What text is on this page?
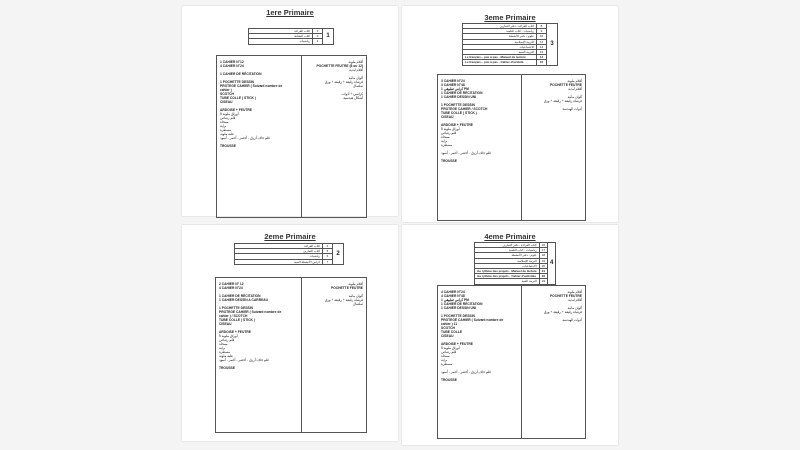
1ere Primaire
كتاب القراءة	1	1
كتاب النشاط	2	
رياضيات	3	
1 CAHIER N°12
4 CAHIER N°24
1 CAHIER DE RÉCITATION
1 POCHETTE DESSIN
PROTEGE CAHIER ( Suivant nombre de
cahier )
SCOTCH
TUBE COLLE ( STICK )
CISEAU
ARDOISE + FEUTRE
5 أوراق ملونة
قلم رصاص
ممحاة
براية
مسطرة
علبة ملونة
قلم جاف أزرق - أخضر - أحمر - أسود
TROUSSE
أقلام ملونة
POCHETTE FEUTRE (8 ou 12)
أقلام لبدية
ألوان مائية
فرشاة رقيقة + رقيقة + ورق
صلصال
كراسي + أدوات
أشكال هندسية
3eme Primaire
كتاب القراءة - دفتر التمارين	8	3
رياضيات - كتاب التلميذ	9	
علوم - دفتر الأنشطة	10	
التربية الإسلامية	11	
الاجتماعيات	12	
التربية الفنية	13	
Le français... pas à pas - Manuel de lecture	14	
Le français... pas à pas - Cahier d'activité	15	
3 CAHIER N°24
3 CAHIER N°48
1 كراس تطبيقي PM
1 CAHIER DE RÉCITATION
1 CAHIER DESSIN UNI
1 POCHETTE DESSIN
PROTEGE CAHIER / SCOTCH
TUBE COLLE ( STICK )
CISEAU
ARDOISE + FEUTRE
5 أوراق ملونة
قلم رصاص
ممحاة
براية
مسطرة
قلم جاف أزرق - أخضر - أحمر - أسود
TROUSSE
أقلام ملونة
POCHETTE FEUTRE
أقلام لبدية
ألوان مائية
فرشاة رقيقة + رقيقة + ورق
أدوات الهندسة
2eme Primaire
كتاب القراءة	4	2
كتاب التمارين	5	
رياضيات	6	
كراس الأنشطة الفنية	7	
2 CAHIER N° 12
4 CAHIER N°24
1 CAHIER DE RÉCITATION
1 CAHIER DESSIN A CARREAU
1 POCHETTE DESSIN
PROTEGE CAHIER ( Suivant nombre de
cahier ) / SCOTCH
TUBE COLLE ( STICK )
CISEAU
ARDOISE + FEUTRE
5 أوراق ملونة
قلم رصاص
ممحاة
براية
مسطرة
علبة ملونة
قلم جاف أزرق - أخضر - أحمر - أسود
TROUSSE
أقلام ملونة
POCHETTE FEUTRE
ألوان مائية
فرشاة رقيقة + رقيقة + ورق
صلصال
4eme Primaire
كتاب القراءة - دفتر التمارين	16	4
رياضيات - كتاب التلميذ	17	
علوم - دفتر الأنشطة	18	
التربية الإسلامية	19	
الاجتماعيات	20	
Au rythme des projets - Manuel de lecture	21	
Au rythme des projets - Cahier d'activités	22	
التربية الفنية	23	
4 CAHIER N°24
4 CAHIER N°48
1 كراس تطبيقي PM
1 CAHIER DE RÉCITATION
1 CAHIER DESSIN UNI
1 POCHETTE DESSIN
PROTEGE CAHIER ( Suivant nombre de
cahier ) 11
SCOTCH
TUBE COLLE
CISEAU
ARDOISE + FEUTRE
5 أوراق ملونة
قلم رصاص
ممحاة
براية
مسطرة
قلم جاف أزرق - أخضر - أحمر - أسود
TROUSSE
أقلام ملونة
POCHETTE FEUTRE
أقلام لبدية
ألوان مائية
فرشاة رقيقة + رقيقة + ورق
أدوات الهندسة
